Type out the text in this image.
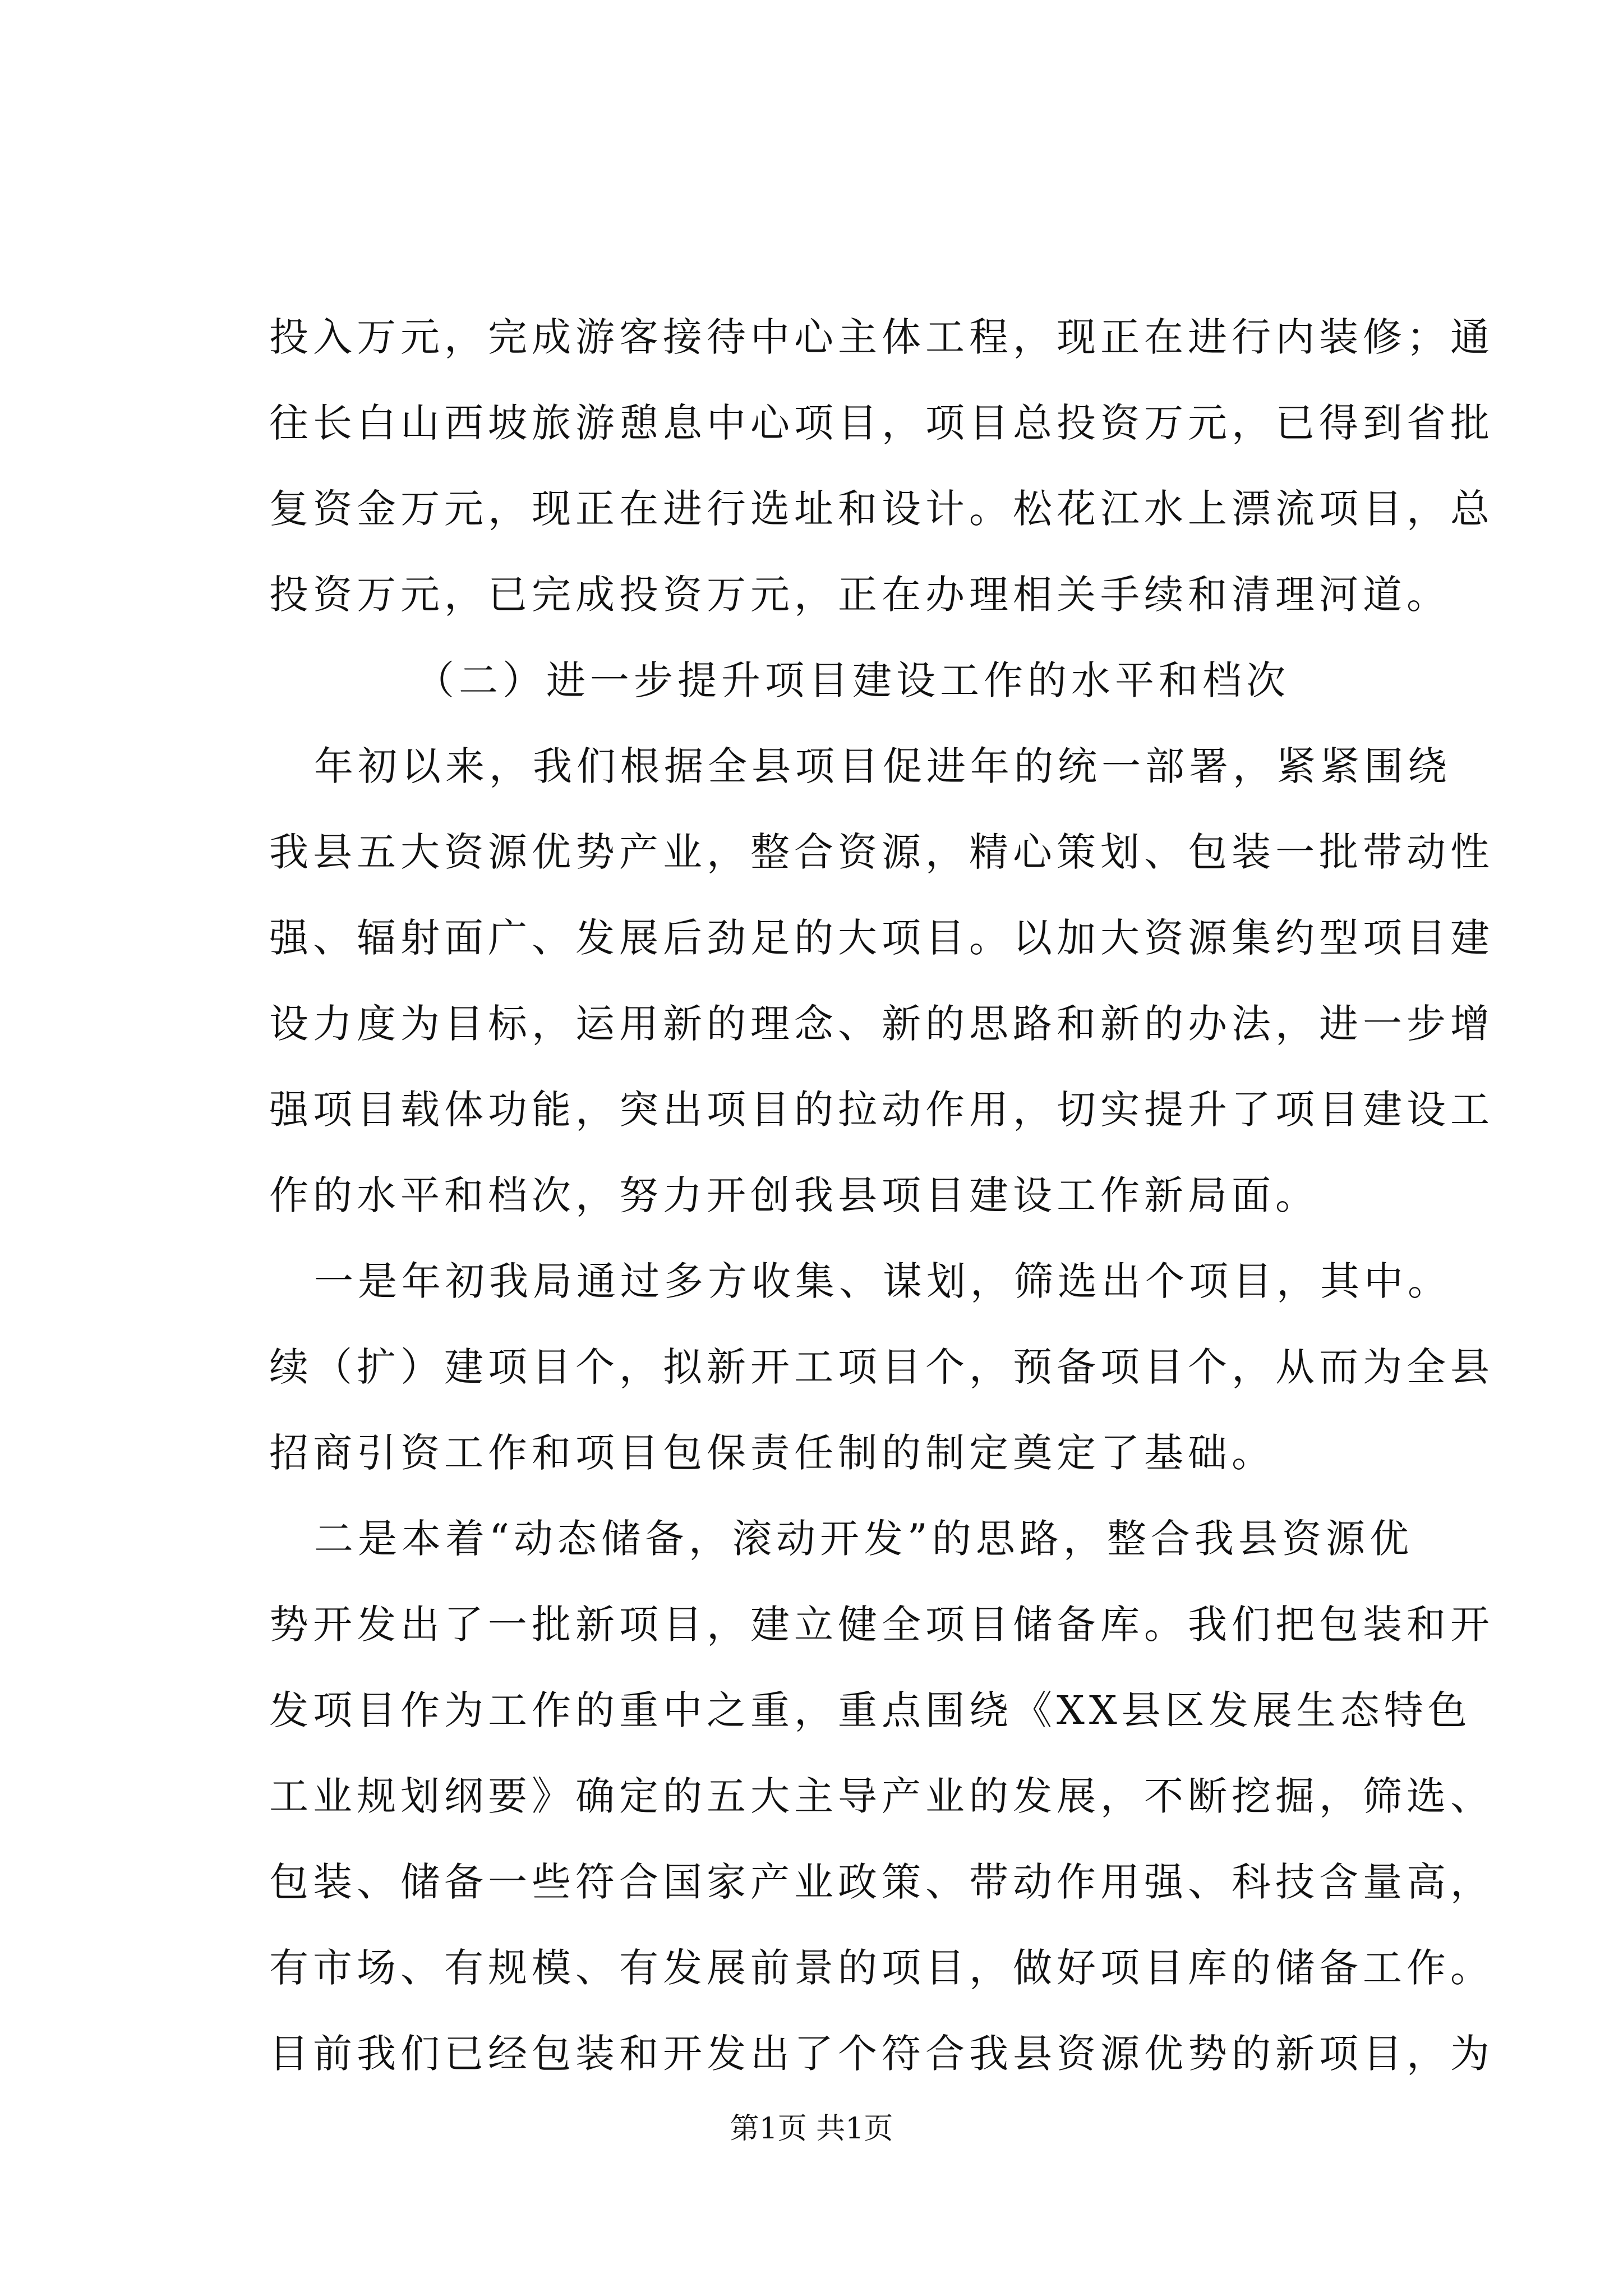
投入万元，完成游客接待中心主体工程，现正在进行内装修；通
往长白山西坡旅游憩息中心项目，项目总投资万元，已得到省批
复资金万元，现正在进行选址和设计。松花江水上漂流项目，总
投资万元，已完成投资万元，正在办理相关手续和清理河道。
（二）进一步提升项目建设工作的水平和档次
年初以来，我们根据全县项目促进年的统一部署，紧紧围绕
我县五大资源优势产业，整合资源，精心策划、包装一批带动性
强、辐射面广、发展后劲足的大项目。以加大资源集约型项目建
设力度为目标，运用新的理念、新的思路和新的办法，进一步增
强项目载体功能，突出项目的拉动作用，切实提升了项目建设工
作的水平和档次，努力开创我县项目建设工作新局面。
一是年初我局通过多方收集、谋划，筛选出个项目，其中。
续（扩）建项目个，拟新开工项目个，预备项目个，从而为全县
招商引资工作和项目包保责任制的制定奠定了基础。
二是本着“动态储备，滚动开发”的思路，整合我县资源优
势开发出了一批新项目，建立健全项目储备库。我们把包装和开
发项目作为工作的重中之重，重点围绕《XX县区发展生态特色
工业规划纲要》确定的五大主导产业的发展，不断挖掘，筛选、
包装、储备一些符合国家产业政策、带动作用强、科技含量高，
有市场、有规模、有发展前景的项目，做好项目库的储备工作。
目前我们已经包装和开发出了个符合我县资源优势的新项目，为
第1页 共1页
